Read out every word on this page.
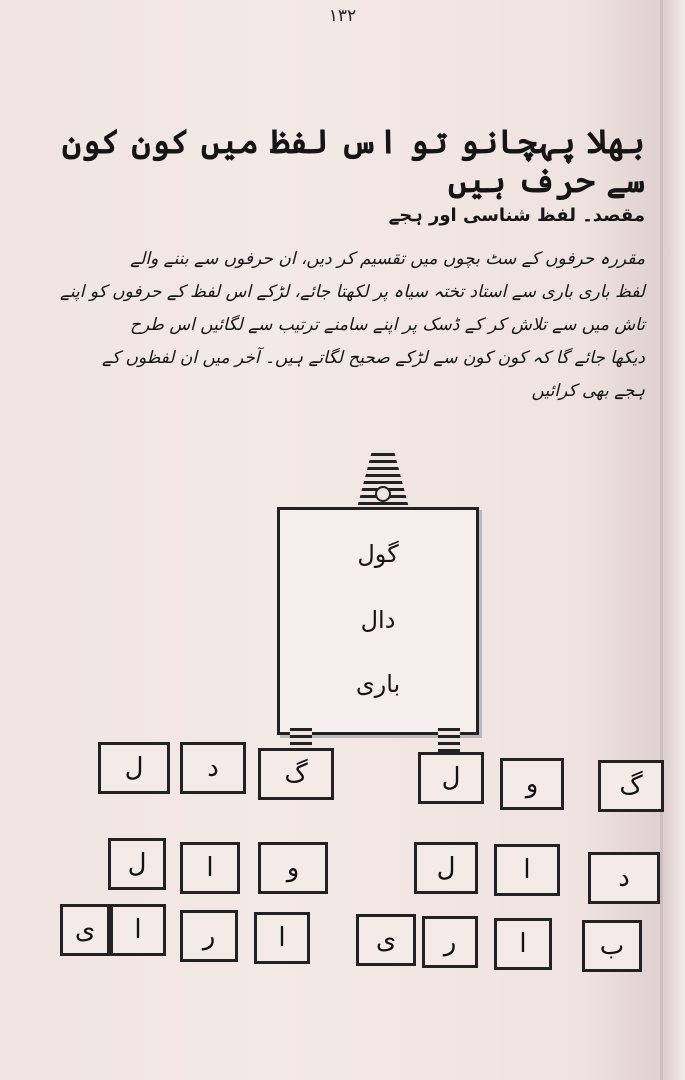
١٣٢
بھلا پہچانو تو اس لفظ میں کون کون سے حرف ہیں
مقصد۔ لفظ شناسی اور ہجے

مقررہ حرفوں کے سٹ بچوں میں تقسیم کر دیں، ان حرفوں سے بننے والے

لفظ باری باری سے استاد تختہ سیاہ پر لکھتا جائے، لڑکے اس لفظ کے حرفوں کو اپنے

تاش میں سے تلاش کر کے ڈسک پر اپنے سامنے ترتیب سے لگائیں اس طرح

دیکھا جائے گا کہ کون کون سے لڑکے صحیح لگاتے ہیں۔ آخر میں ان لفظوں کے

ہجے بھی کرائیں

گول
دال
باری
ل	د	گ	ل	و	گ
ل	ا	و	ل	ا	د
ی	ا	ر	ا	ی	ر	ا	ب
